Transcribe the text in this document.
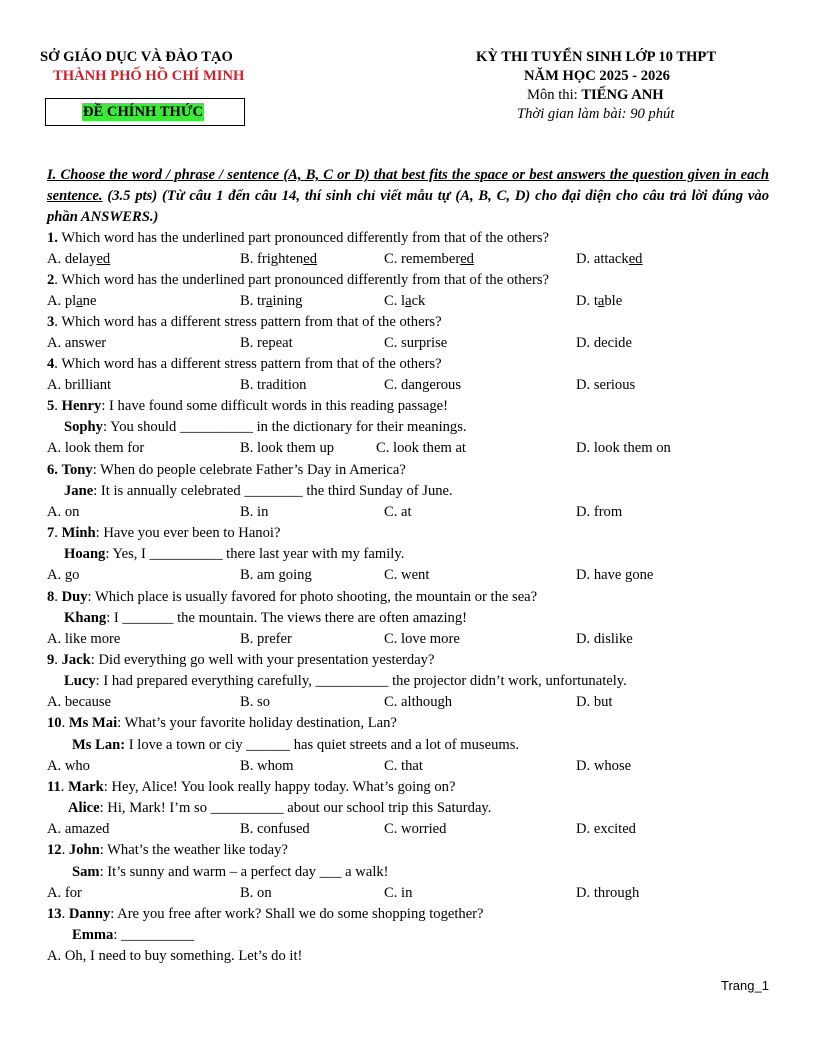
SỞ GIÁO DỤC VÀ ĐÀO TẠO
THÀNH PHỐ HỒ CHÍ MINH
ĐỀ CHÍNH THỨC
KỲ THI TUYỂN SINH LỚP 10 THPT
NĂM HỌC 2025 - 2026
Môn thi: TIẾNG ANH
Thời gian làm bài: 90 phút
I. Choose the word / phrase / sentence (A, B, C or D) that best fits the space or best answers the question given in each sentence. (3.5 pts) (Từ câu 1 đến câu 14, thí sinh chỉ viết mẫu tự (A, B, C, D) cho đại diện cho câu trả lời đúng vào phần ANSWERS.)
1. Which word has the underlined part pronounced differently from that of the others?
A. delayed	B. frightened	C. remembered	D. attacked
2. Which word has the underlined part pronounced differently from that of the others?
A. plane	B. training	C. lack	D. table
3. Which word has a different stress pattern from that of the others?
A. answer	B. repeat	C. surprise	D. decide
4. Which word has a different stress pattern from that of the others?
A. brilliant	B. tradition	C. dangerous	D. serious
5. Henry: I have found some difficult words in this reading passage!
Sophy: You should __________ in the dictionary for their meanings.
A. look them for	B. look them up	C. look them at	D. look them on
6. Tony: When do people celebrate Father’s Day in America?
Jane: It is annually celebrated ________ the third Sunday of June.
A. on	B. in	C. at	D. from
7. Minh: Have you ever been to Hanoi?
Hoang: Yes, I __________ there last year with my family.
A. go	B. am going	C. went	D. have gone
8. Duy: Which place is usually favored for photo shooting, the mountain or the sea?
Khang: I _______ the mountain. The views there are often amazing!
A. like more	B. prefer	C. love more	D. dislike
9. Jack: Did everything go well with your presentation yesterday?
Lucy: I had prepared everything carefully, __________ the projector didn’t work, unfortunately.
A. because	B. so	C. although	D. but
10. Ms Mai: What’s your favorite holiday destination, Lan?
Ms Lan: I love a town or ciy ______ has quiet streets and a lot of museums.
A. who	B. whom	C. that	D. whose
11. Mark: Hey, Alice! You look really happy today. What’s going on?
Alice: Hi, Mark! I’m so __________ about our school trip this Saturday.
A. amazed	B. confused	C. worried	D. excited
12. John: What’s the weather like today?
Sam: It’s sunny and warm – a perfect day ___ a walk!
A. for	B. on	C. in	D. through
13. Danny: Are you free after work? Shall we do some shopping together?
Emma: __________
A. Oh, I need to buy something. Let’s do it!
Trang_1
